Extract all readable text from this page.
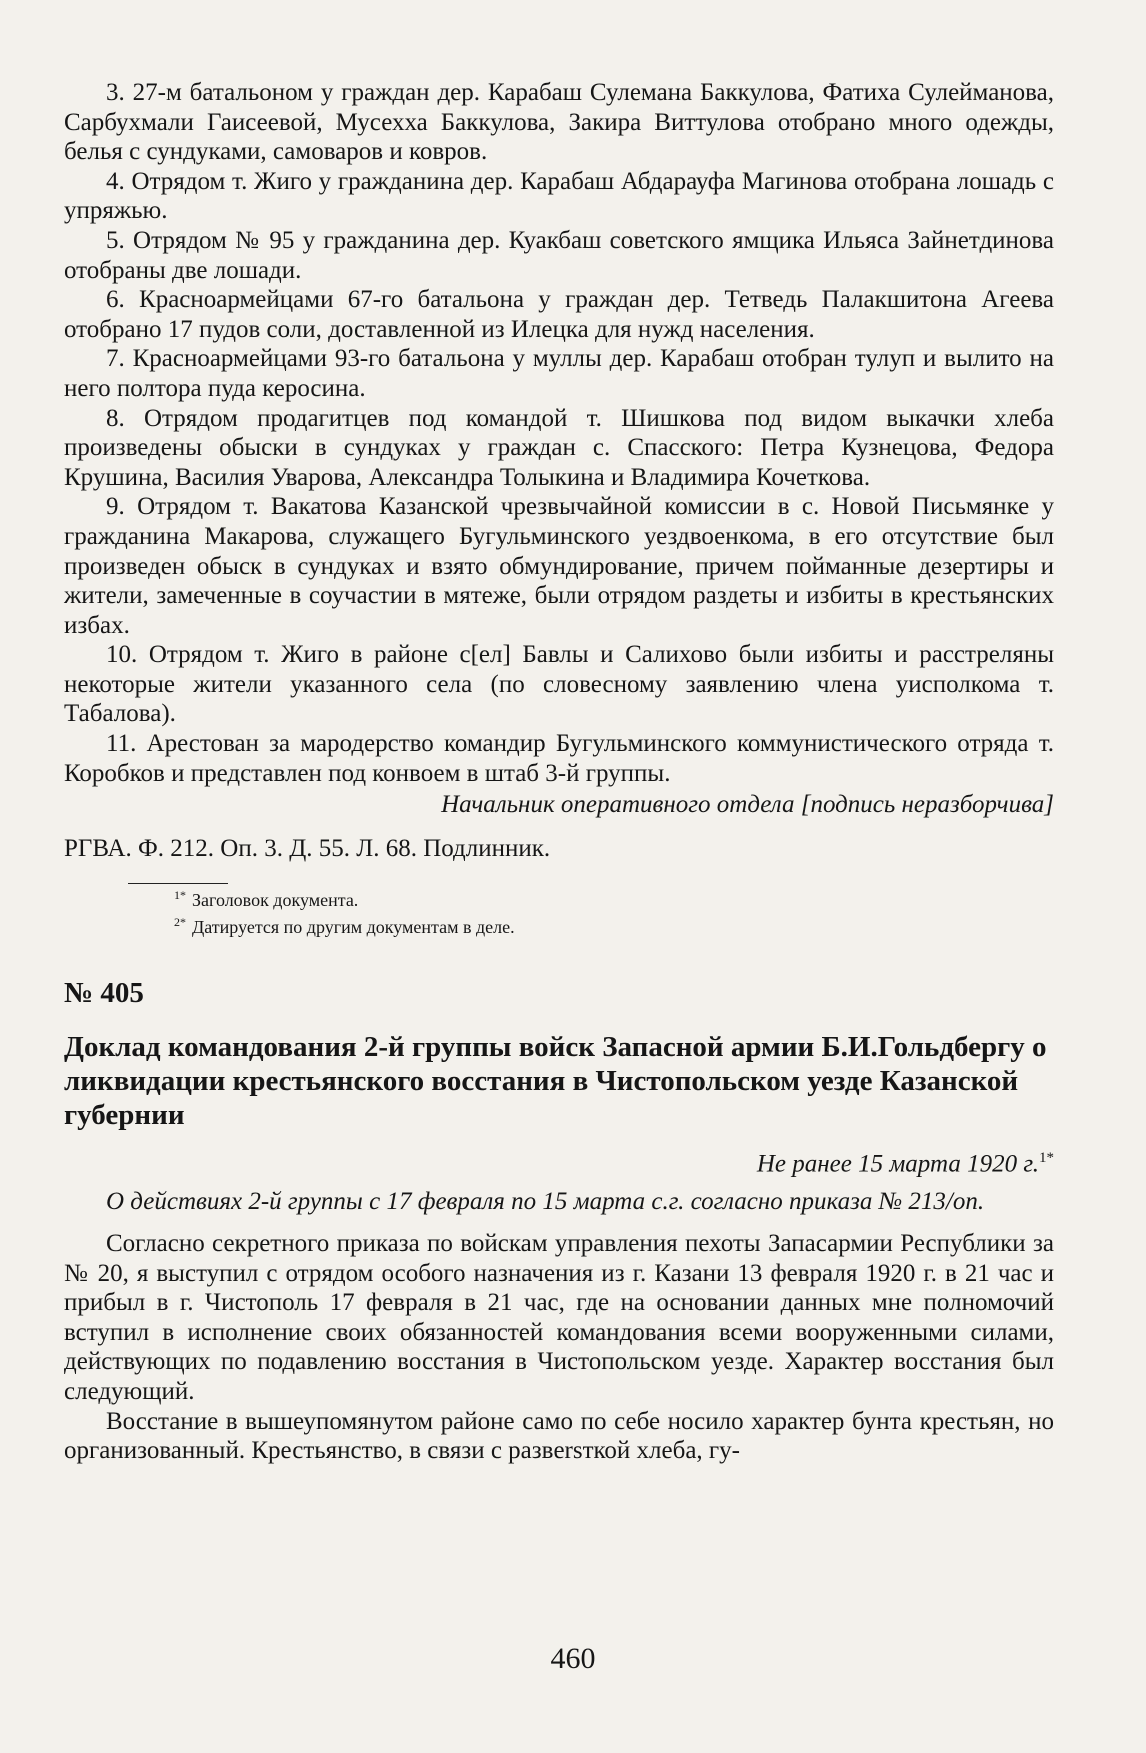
3. 27-м батальоном у граждан дер. Карабаш Сулемана Баккулова, Фатиха Сулейманова, Сарбухмали Гаисеевой, Мусехха Баккулова, Закира Виттулова отобрано много одежды, белья с сундуками, самоваров и ковров.

4. Отрядом т. Жиго у гражданина дер. Карабаш Абдарауфа Магинова отобрана лошадь с упряжью.

5. Отрядом № 95 у гражданина дер. Куакбаш советского ямщика Ильяса Зайнетдинова отобраны две лошади.

6. Красноармейцами 67-го батальона у граждан дер. Тетведь Палакшитона Агеева отобрано 17 пудов соли, доставленной из Илецка для нужд населения.

7. Красноармейцами 93-го батальона у муллы дер. Карабаш отобран тулуп и вылито на него полтора пуда керосина.

8. Отрядом продагитцев под командой т. Шишкова под видом выкачки хлеба произведены обыски в сундуках у граждан с. Спасского: Петра Кузнецова, Федора Крушина, Василия Уварова, Александра Толыкина и Владимира Кочеткова.

9. Отрядом т. Вакатова Казанской чрезвычайной комиссии в с. Новой Письмянке у гражданина Макарова, служащего Бугульминского уездвоенкома, в его отсутствие был произведен обыск в сундуках и взято обмундирование, причем пойманные дезертиры и жители, замеченные в соучастии в мятеже, были отрядом раздеты и избиты в крестьянских избах.

10. Отрядом т. Жиго в районе с[ел] Бавлы и Салихово были избиты и расстреляны некоторые жители указанного села (по словесному заявлению члена уисполкома т. Табалова).

11. Арестован за мародерство командир Бугульминского коммунистического отряда т. Коробков и представлен под конвоем в штаб 3-й группы.

Начальник оперативного отдела [подпись неразборчива]

РГВА. Ф. 212. Оп. 3. Д. 55. Л. 68. Подлинник.

$^{1*}$ Заголовок документа.

$^{2*}$ Датируется по другим документам в деле.

№ 405

Доклад командования 2-й группы войск Запасной армии Б.И.Гольдбергу о ликвидации крестьянского восстания в Чистопольском уезде Казанской губернии

Не ранее 15 марта 1920 г.$^{1*}$

О действиях 2-й группы с 17 февраля по 15 марта с.г. согласно приказа № 213/оп.

Согласно секретного приказа по войскам управления пехоты Запасармии Республики за № 20, я выступил с отрядом особого назначения из г. Казани 13 февраля 1920 г. в 21 час и прибыл в г. Чистополь 17 февраля в 21 час, где на основании данных мне полномочий вступил в исполнение своих обязанностей командования всеми вооруженными силами, действующих по подавлению восстания в Чистопольском уезде. Характер восстания был следующий.

Восстание в вышеупомянутом районе само по себе носило характер бунта крестьян, но организованный. Крестьянство, в связи с развersткой хлеба, гу-

460
